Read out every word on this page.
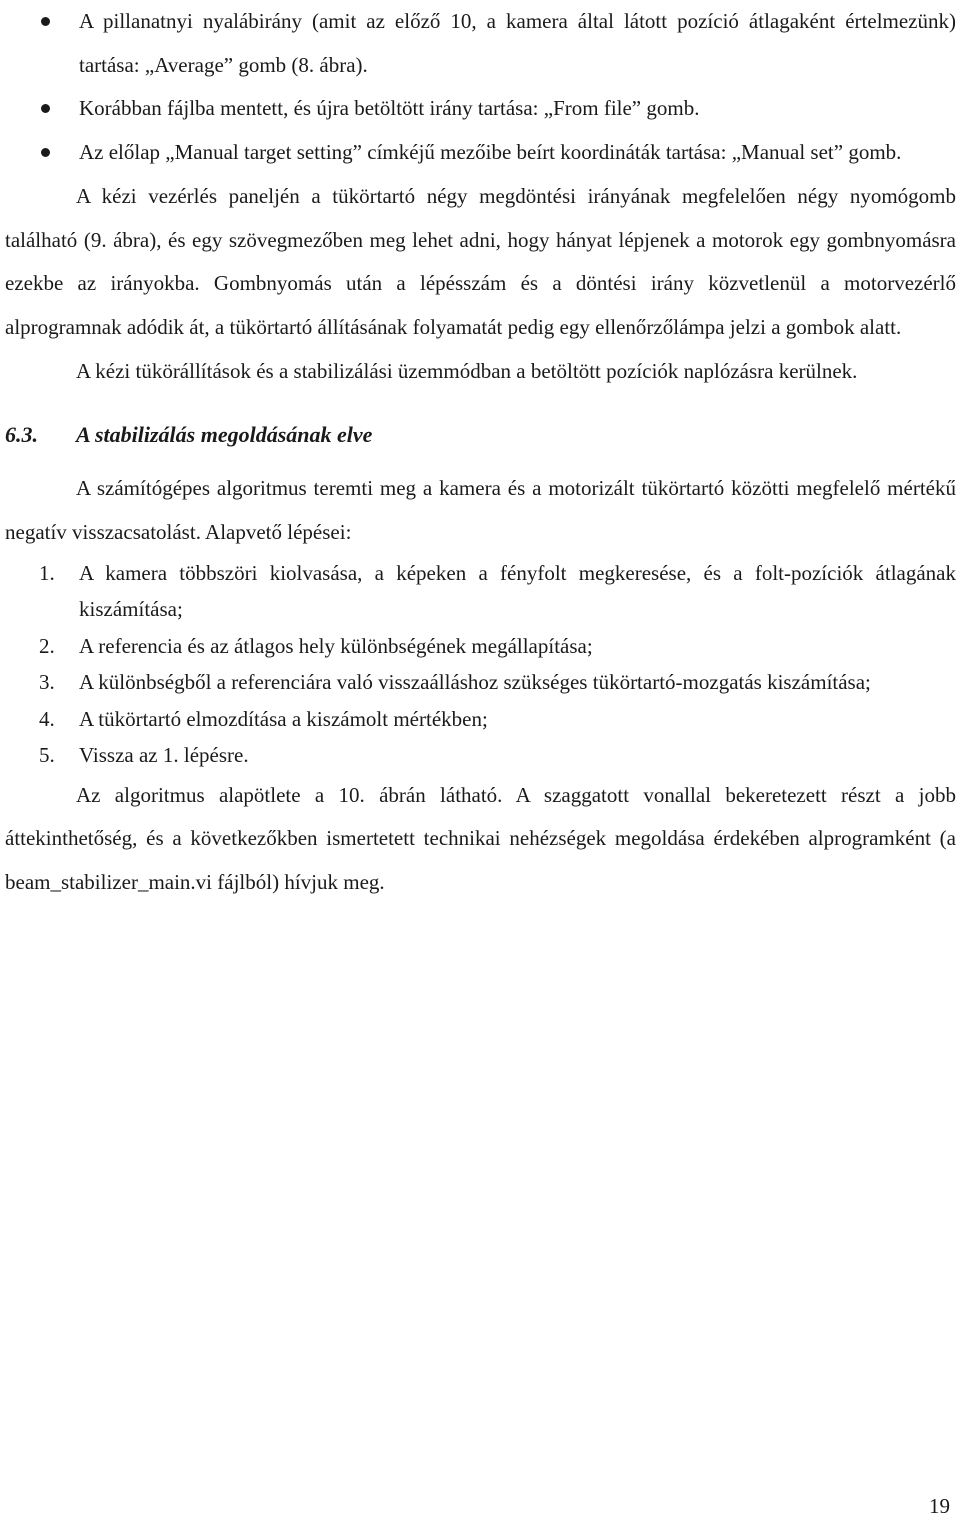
A pillanatnyi nyalábirány (amit az előző 10, a kamera által látott pozíció átlagaként értelmezünk) tartása: „Average” gomb (8. ábra).
Korábban fájlba mentett, és újra betöltött irány tartása: „From file” gomb.
Az előlap „Manual target setting” címkéjű mezőibe beírt koordináták tartása: „Manual set” gomb.

A kézi vezérlés paneljén a tükörtartó négy megdöntési irányának megfelelően négy nyomógomb található (9. ábra), és egy szövegmezőben meg lehet adni, hogy hányat lépjenek a motorok egy gombnyomásra ezekbe az irányokba. Gombnyomás után a lépésszám és a döntési irány közvetlenül a motorvezérlő alprogramnak adódik át, a tükörtartó állításának folyamatát pedig egy ellenőrzőlámpa jelzi a gombok alatt.

A kézi tükörállítások és a stabilizálási üzemmódban a betöltött pozíciók naplózásra kerülnek.

6.3.	A stabilizálás megoldásának elve

A számítógépes algoritmus teremti meg a kamera és a motorizált tükörtartó közötti megfelelő mértékű negatív visszacsatolást. Alapvető lépései:

1. A kamera többszöri kiolvasása, a képeken a fényfolt megkeresése, és a folt-pozíciók átlagának kiszámítása;
2. A referencia és az átlagos hely különbségének megállapítása;
3. A különbségből a referenciára való visszaálláshoz szükséges tükörtartó-mozgatás kiszámítása;
4. A tükörtartó elmozdítása a kiszámolt mértékben;
5. Vissza az 1. lépésre.

Az algoritmus alapötlete a 10. ábrán látható. A szaggatott vonallal bekeretezett részt a jobb áttekinthetőség, és a következőkben ismertetett technikai nehézségek megoldása érdekében alprogramként (a beam_stabilizer_main.vi fájlból) hívjuk meg.

19
